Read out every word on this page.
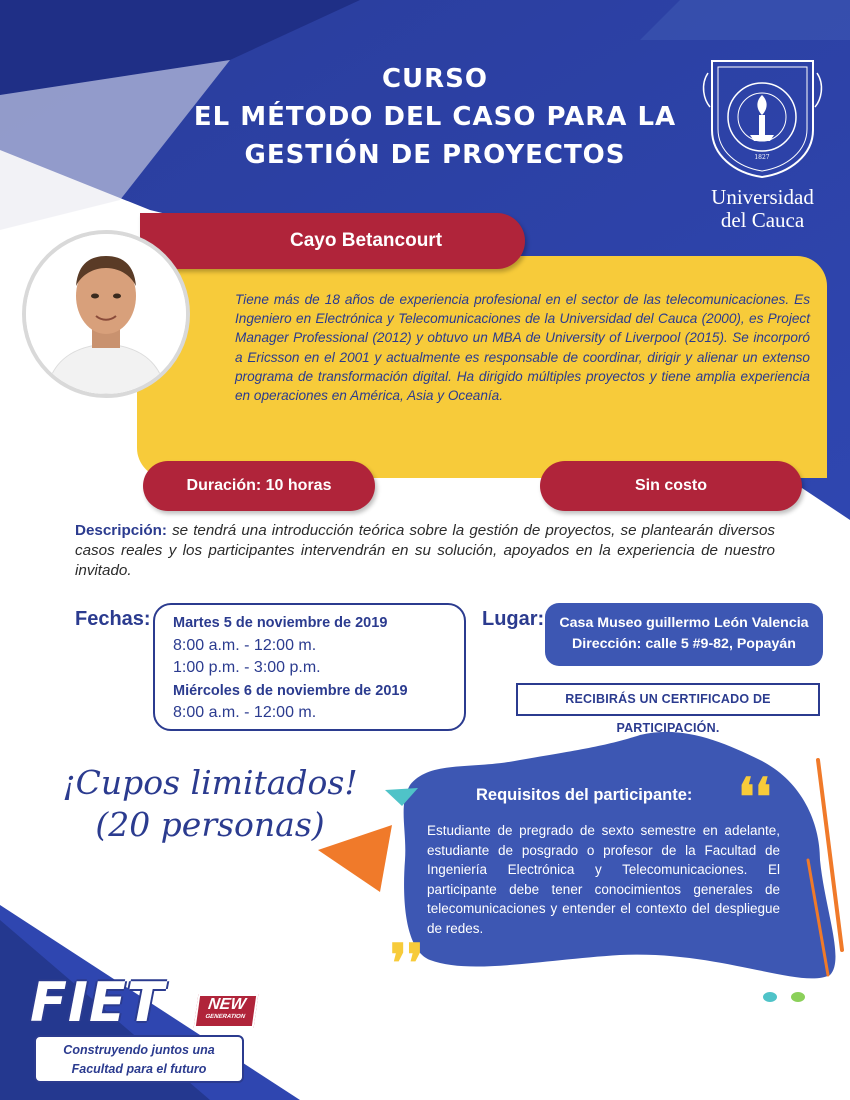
CURSO
EL MÉTODO DEL CASO PARA LA
GESTIÓN DE PROYECTOS	1827
Universidad
del Cauca
Cayo Betancourt
Tiene más de 18 años de experiencia profesional en el sector de las telecomunicaciones. Es Ingeniero en Electrónica y Telecomunicaciones de la Universidad del Cauca (2000), es Project Manager Professional (2012) y obtuvo un MBA de University of Liverpool (2015). Se incorporó a Ericsson en el 2001 y actualmente es responsable de coordinar, dirigir y alienar un extenso programa de transformación digital. Ha dirigido múltiples proyectos y tiene amplia experiencia en operaciones en América, Asia y Oceanía.
Duración: 10 horas	Sin costo
Descripción: se tendrá una introducción teórica sobre la gestión de proyectos, se plantearán diversos casos reales y los participantes intervendrán en su solución, apoyados en la experiencia de nuestro invitado.
Fechas: Martes 5 de noviembre de 2019
8:00 a.m. - 12:00 m.
1:00 p.m. - 3:00 p.m.
Miércoles 6 de noviembre de 2019
8:00 a.m. - 12:00 m.
Lugar:	Casa Museo guillermo León Valencia
Dirección: calle 5 #9-82, Popayán
RECIBIRÁS UN CERTIFICADO DE PARTICIPACIÓN.
¡Cupos limitados!
(20 personas)
Requisitos del participante: ❛❛
Estudiante de pregrado de sexto semestre en adelante, estudiante de posgrado o profesor de la Facultad de Ingeniería Electrónica y Telecomunicaciones. El participante debe tener conocimientos generales de telecomunicaciones y entender el contexto del despliegue de redes.
❜❜
FIET	NEW
GENERATION
Construyendo juntos una
Facultad para el futuro
